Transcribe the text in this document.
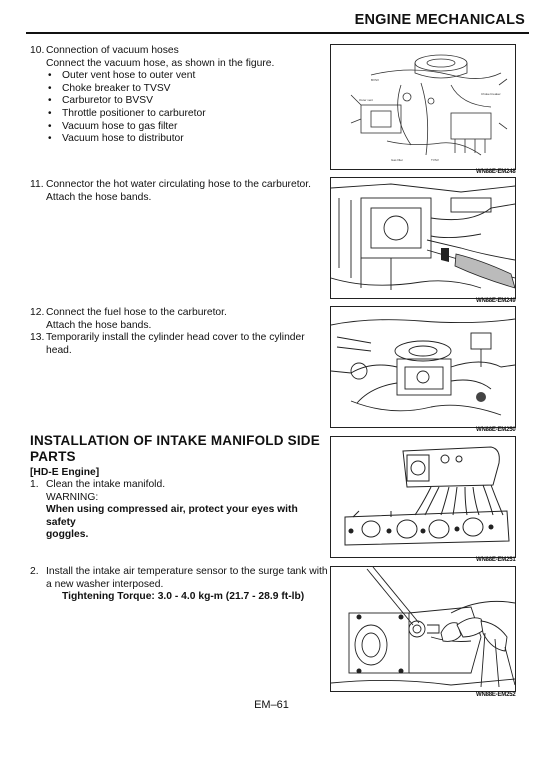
ENGINE MECHANICALS
10. Connection of vacuum hoses
Connect the vacuum hose, as shown in the figure.
• Outer vent hose to outer vent
• Choke breaker to TVSV
• Carburetor to BVSV
• Throttle positioner to carburetor
• Vacuum hose to gas filter
• Vacuum hose to distributor
BVSV
Outer vent
Choke breaker
Gas filter	TVSV
WN88E-EM248
11. Connector the hot water circulating hose to the carburetor.
Attach the hose bands.
WN88E-EM249
12. Connect the fuel hose to the carburetor.
Attach the hose bands.
13. Temporarily install the cylinder head cover to the cylinder
head.
WN88E-EM250
INSTALLATION OF INTAKE MANIFOLD SIDE
PARTS
[HD-E Engine]
1. Clean the intake manifold.
WARNING:
When using compressed air, protect your eyes with safety
goggles.
WN88E-EM251
2. Install the intake air temperature sensor to the surge tank with
a new washer interposed.
Tightening Torque: 3.0 - 4.0 kg-m (21.7 - 28.9 ft-lb)
WN88E-EM252
EM–61
